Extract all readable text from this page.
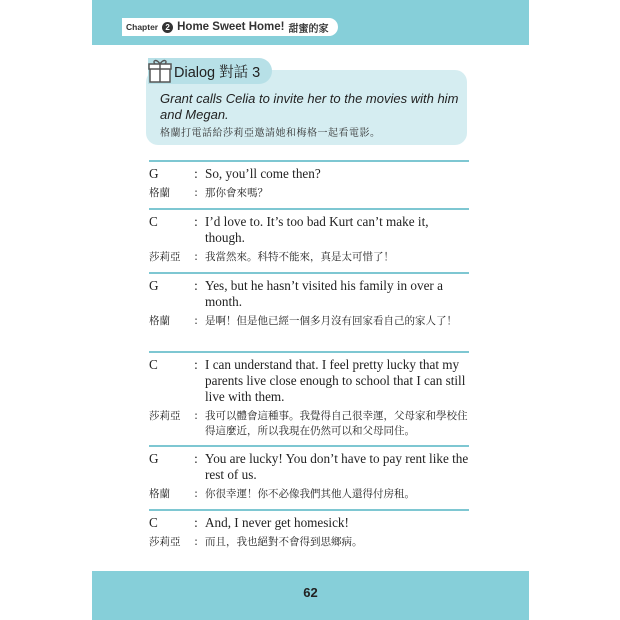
Chapter 2 Home Sweet Home! 甜蜜的家
Dialog 對話 3
Grant calls Celia to invite her to the movies with him and Megan.
格蘭打電話給莎莉亞邀請她和梅格一起看電影。
G	: So, you’ll come then?
格蘭	: 那你會來嗎？
C	: I’d love to. It’s too bad Kurt can’t make it, though.
莎莉亞	: 我當然來。科特不能來，真是太可惜了！
G	: Yes, but he hasn’t visited his family in over a month.
格蘭	: 是啊！但是他已經一個多月沒有回家看自己的家人了！
C	: I can understand that. I feel pretty lucky that my parents live close enough to school that I can still live with them.
莎莉亞	: 我可以體會這種事。我覺得自己很幸運，父母家和學校住得這麼近，所以我現在仍然可以和父母同住。
G	: You are lucky! You don’t have to pay rent like the rest of us.
格蘭	: 你很幸運！你不必像我們其他人還得付房租。
C	: And, I never get homesick!
莎莉亞	: 而且，我也絕對不會得到思鄉病。
62
